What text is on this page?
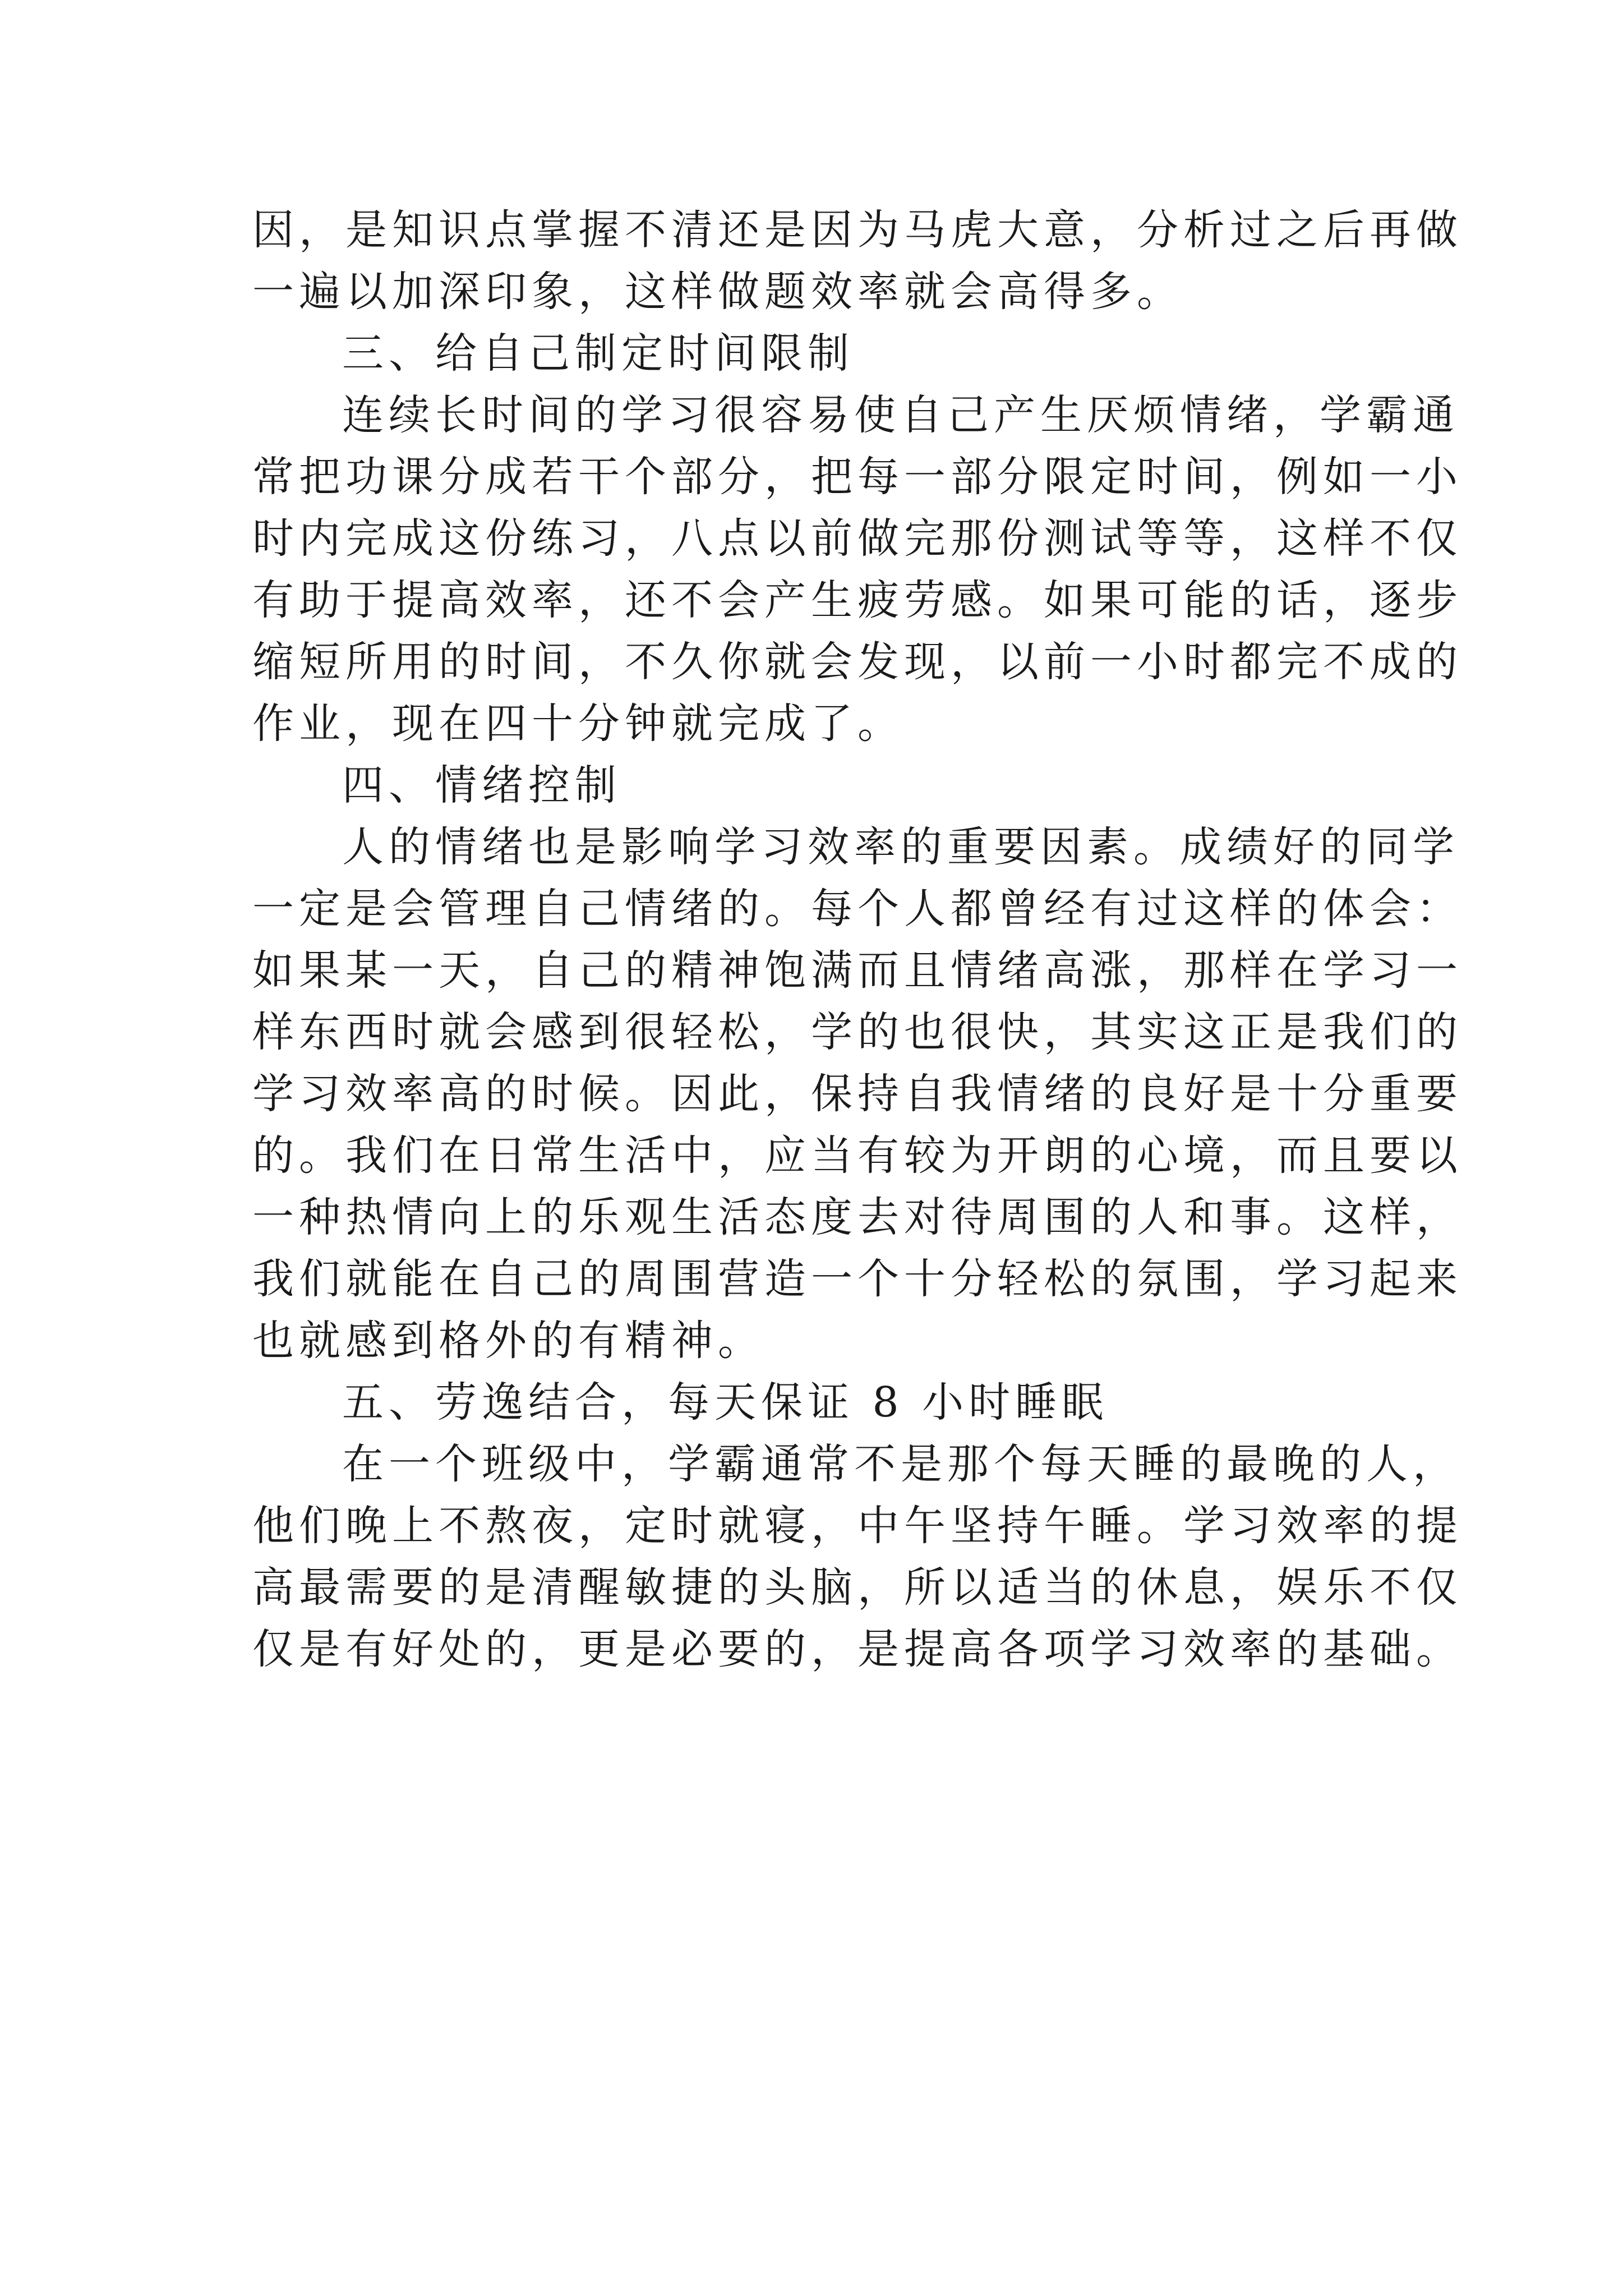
因，是知识点掌握不清还是因为马虎大意，分析过之后再做
一遍以加深印象，这样做题效率就会高得多。
三、给自己制定时间限制
连续长时间的学习很容易使自己产生厌烦情绪，学霸通
常把功课分成若干个部分，把每一部分限定时间，例如一小
时内完成这份练习，八点以前做完那份测试等等，这样不仅
有助于提高效率，还不会产生疲劳感。如果可能的话，逐步
缩短所用的时间，不久你就会发现，以前一小时都完不成的
作业，现在四十分钟就完成了。
四、情绪控制
人的情绪也是影响学习效率的重要因素。成绩好的同学
一定是会管理自己情绪的。每个人都曾经有过这样的体会：
如果某一天，自己的精神饱满而且情绪高涨，那样在学习一
样东西时就会感到很轻松，学的也很快，其实这正是我们的
学习效率高的时候。因此，保持自我情绪的良好是十分重要
的。我们在日常生活中，应当有较为开朗的心境，而且要以
一种热情向上的乐观生活态度去对待周围的人和事。这样，
我们就能在自己的周围营造一个十分轻松的氛围，学习起来
也就感到格外的有精神。
五、劳逸结合，每天保证 8 小时睡眠
在一个班级中，学霸通常不是那个每天睡的最晚的人，
他们晚上不熬夜，定时就寝，中午坚持午睡。学习效率的提
高最需要的是清醒敏捷的头脑，所以适当的休息，娱乐不仅
仅是有好处的，更是必要的，是提高各项学习效率的基础。
